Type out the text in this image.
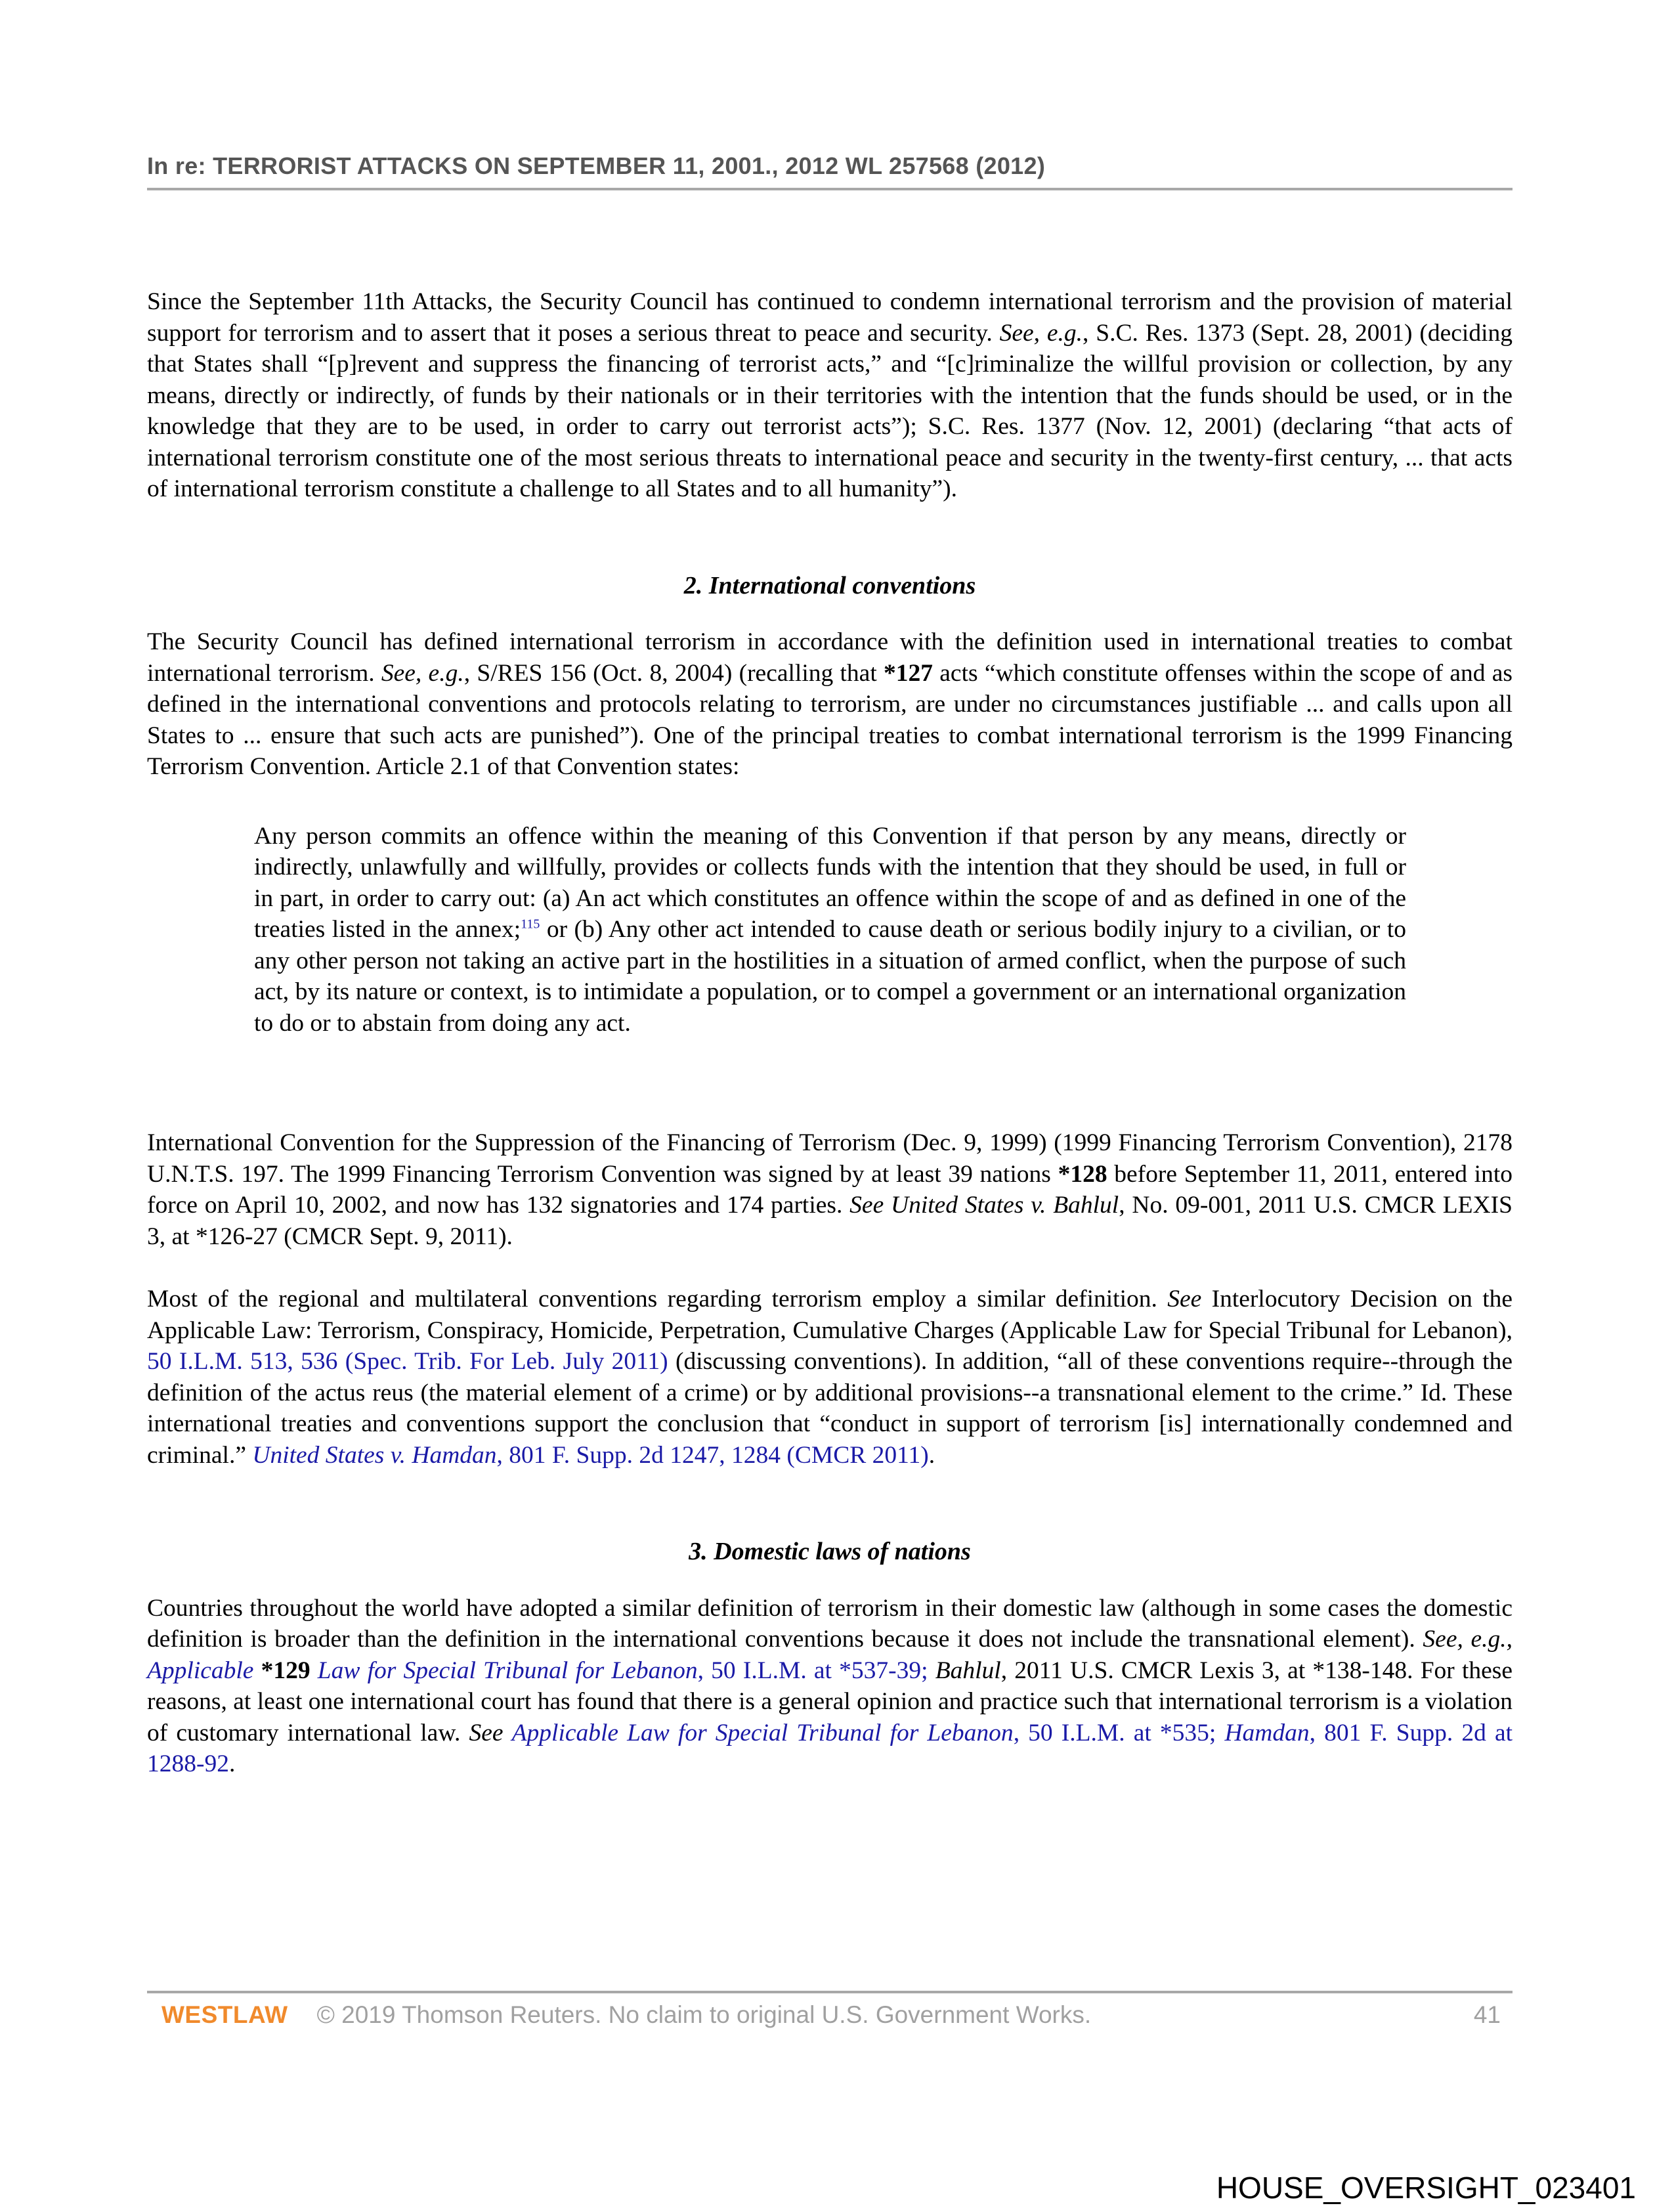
In re: TERRORIST ATTACKS ON SEPTEMBER 11, 2001., 2012 WL 257568 (2012)

Since the September 11th Attacks, the Security Council has continued to condemn international terrorism and the provision of material support for terrorism and to assert that it poses a serious threat to peace and security. See, e.g., S.C. Res. 1373 (Sept. 28, 2001) (deciding that States shall “[p]revent and suppress the financing of terrorist acts,” and “[c]riminalize the willful provision or collection, by any means, directly or indirectly, of funds by their nationals or in their territories with the intention that the funds should be used, or in the knowledge that they are to be used, in order to carry out terrorist acts”); S.C. Res. 1377 (Nov. 12, 2001) (declaring “that acts of international terrorism constitute one of the most serious threats to international peace and security in the twenty-first century, ... that acts of international terrorism constitute a challenge to all States and to all humanity”).

2. International conventions

The Security Council has defined international terrorism in accordance with the definition used in international treaties to combat international terrorism. See, e.g., S/RES 156 (Oct. 8, 2004) (recalling that *127 acts “which constitute offenses within the scope of and as defined in the international conventions and protocols relating to terrorism, are under no circumstances justifiable ... and calls upon all States to ... ensure that such acts are punished”). One of the principal treaties to combat international terrorism is the 1999 Financing Terrorism Convention. Article 2.1 of that Convention states:

Any person commits an offence within the meaning of this Convention if that person by any means, directly or indirectly, unlawfully and willfully, provides or collects funds with the intention that they should be used, in full or in part, in order to carry out: (a) An act which constitutes an offence within the scope of and as defined in one of the treaties listed in the annex;$^{115}$ or (b) Any other act intended to cause death or serious bodily injury to a civilian, or to any other person not taking an active part in the hostilities in a situation of armed conflict, when the purpose of such act, by its nature or context, is to intimidate a population, or to compel a government or an international organization to do or to abstain from doing any act.

International Convention for the Suppression of the Financing of Terrorism (Dec. 9, 1999) (1999 Financing Terrorism Convention), 2178 U.N.T.S. 197. The 1999 Financing Terrorism Convention was signed by at least 39 nations *128 before September 11, 2011, entered into force on April 10, 2002, and now has 132 signatories and 174 parties. See United States v. Bahlul, No. 09-001, 2011 U.S. CMCR LEXIS 3, at *126-27 (CMCR Sept. 9, 2011).

Most of the regional and multilateral conventions regarding terrorism employ a similar definition. See Interlocutory Decision on the Applicable Law: Terrorism, Conspiracy, Homicide, Perpetration, Cumulative Charges (Applicable Law for Special Tribunal for Lebanon), 50 I.L.M. 513, 536 (Spec. Trib. For Leb. July 2011) (discussing conventions). In addition, “all of these conventions require--through the definition of the actus reus (the material element of a crime) or by additional provisions--a transnational element to the crime.” Id. These international treaties and conventions support the conclusion that “conduct in support of terrorism [is] internationally condemned and criminal.” United States v. Hamdan, 801 F. Supp. 2d 1247, 1284 (CMCR 2011).

3. Domestic laws of nations

Countries throughout the world have adopted a similar definition of terrorism in their domestic law (although in some cases the domestic definition is broader than the definition in the international conventions because it does not include the transnational element). See, e.g., Applicable *129 Law for Special Tribunal for Lebanon, 50 I.L.M. at *537-39; Bahlul, 2011 U.S. CMCR Lexis 3, at *138-148. For these reasons, at least one international court has found that there is a general opinion and practice such that international terrorism is a violation of customary international law. See Applicable Law for Special Tribunal for Lebanon, 50 I.L.M. at *535; Hamdan, 801 F. Supp. 2d at 1288-92.

WESTLAW © 2019 Thomson Reuters. No claim to original U.S. Government Works.	41
HOUSE_OVERSIGHT_023401
